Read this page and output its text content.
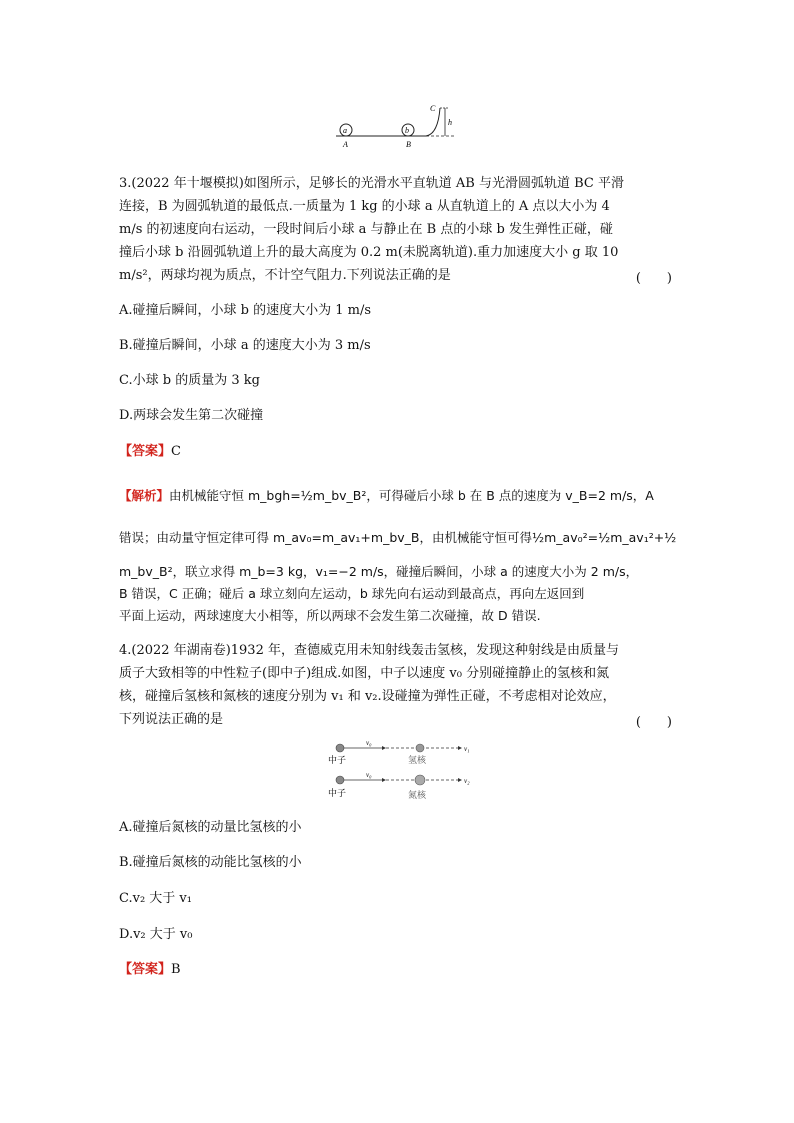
a	b
A	B
C
h
3.(2022 年十堰模拟)如图所示，足够长的光滑水平直轨道 AB 与光滑圆弧轨道 BC 平滑
连接，B 为圆弧轨道的最低点.一质量为 1 kg 的小球 a 从直轨道上的 A 点以大小为 4
m/s 的初速度向右运动，一段时间后小球 a 与静止在 B 点的小球 b 发生弹性正碰，碰
撞后小球 b 沿圆弧轨道上升的最大高度为 0.2 m(未脱离轨道).重力加速度大小 g 取 10
m/s²，两球均视为质点，不计空气阻力.下列说法正确的是	(　　)
A.碰撞后瞬间，小球 b 的速度大小为 1 m/s
B.碰撞后瞬间，小球 a 的速度大小为 3 m/s
C.小球 b 的质量为 3 kg
D.两球会发生第二次碰撞
【答案】C
【解析】由机械能守恒 m_bgh=½m_bv_B²，可得碰后小球 b 在 B 点的速度为 v_B=2 m/s，A
错误；由动量守恒定律可得 m_av₀=m_av₁+m_bv_B，由机械能守恒可得½m_av₀²=½m_av₁²+½
m_bv_B²，联立求得 m_b=3 kg，v₁=−2 m/s，碰撞后瞬间，小球 a 的速度大小为 2 m/s，
B 错误，C 正确；碰后 a 球立刻向左运动，b 球先向右运动到最高点，再向左返回到
平面上运动，两球速度大小相等，所以两球不会发生第二次碰撞，故 D 错误.
4.(2022 年湖南卷)1932 年，查德威克用未知射线轰击氢核，发现这种射线是由质量与
质子大致相等的中性粒子(即中子)组成.如图，中子以速度 v₀ 分别碰撞静止的氢核和氮
核，碰撞后氢核和氮核的速度分别为 v₁ 和 v₂.设碰撞为弹性正碰，不考虑相对论效应，
下列说法正确的是	(　　)
v₀
v₁
中子	氢核
v₀
v₂
中子	氮核
A.碰撞后氮核的动量比氢核的小
B.碰撞后氮核的动能比氢核的小
C.v₂ 大于 v₁
D.v₂ 大于 v₀
【答案】B
